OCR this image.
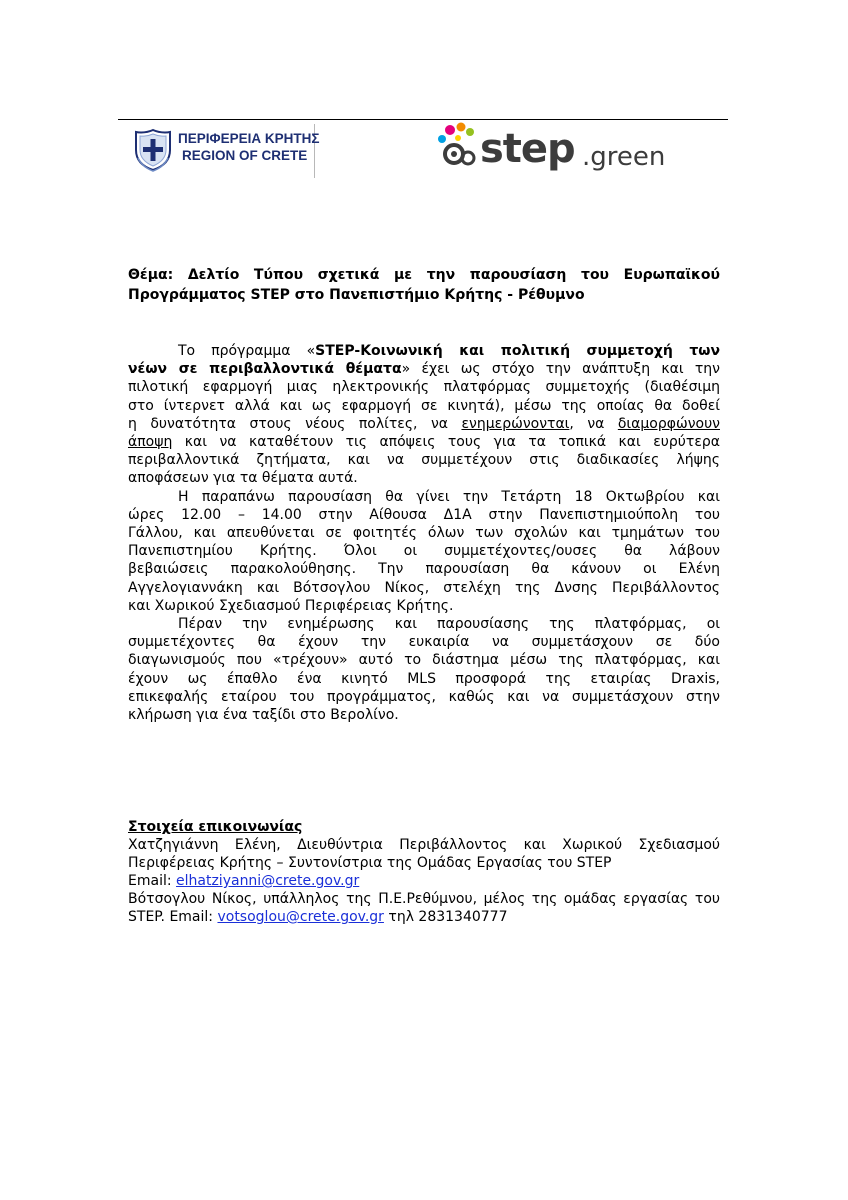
ΠΕΡΙΦΕΡΕΙΑ ΚΡΗΤΗΣ
REGION OF CRETE	step .green
Θέμα: Δελτίο Τύπου σχετικά με την παρουσίαση του Ευρωπαϊκού
Προγράμματος STEP στο Πανεπιστήμιο Κρήτης - Ρέθυμνο
Το πρόγραμμα «STEP-Κοινωνική και πολιτική συμμετοχή των
νέων σε περιβαλλοντικά θέματα» έχει ως στόχο την ανάπτυξη και την
πιλοτική εφαρμογή μιας ηλεκτρονικής πλατφόρμας συμμετοχής (διαθέσιμη
στο ίντερνετ αλλά και ως εφαρμογή σε κινητά), μέσω της οποίας θα δοθεί
η δυνατότητα στους νέους πολίτες, να ενημερώνονται, να διαμορφώνουν
άποψη και να καταθέτουν τις απόψεις τους για τα τοπικά και ευρύτερα
περιβαλλοντικά ζητήματα, και να συμμετέχουν στις διαδικασίες λήψης
αποφάσεων για τα θέματα αυτά.
Η παραπάνω παρουσίαση θα γίνει την Τετάρτη 18 Οκτωβρίου και
ώρες 12.00 – 14.00 στην Αίθουσα Δ1Α στην Πανεπιστημιούπολη του
Γάλλου, και απευθύνεται σε φοιτητές όλων των σχολών και τμημάτων του
Πανεπιστημίου Κρήτης. Όλοι οι συμμετέχοντες/ουσες θα λάβουν
βεβαιώσεις παρακολούθησης. Την παρουσίαση θα κάνουν οι Ελένη
Αγγελογιαννάκη και Βότσογλου Νίκος, στελέχη της Δνσης Περιβάλλοντος
και Χωρικού Σχεδιασμού Περιφέρειας Κρήτης.
Πέραν την ενημέρωσης και παρουσίασης της πλατφόρμας, οι
συμμετέχοντες θα έχουν την ευκαιρία να συμμετάσχουν σε δύο
διαγωνισμούς που «τρέχουν» αυτό το διάστημα μέσω της πλατφόρμας, και
έχουν ως έπαθλο ένα κινητό MLS προσφορά της εταιρίας Draxis,
επικεφαλής εταίρου του προγράμματος, καθώς και να συμμετάσχουν στην
κλήρωση για ένα ταξίδι στο Βερολίνο.
Στοιχεία επικοινωνίας
Χατζηγιάννη Ελένη, Διευθύντρια Περιβάλλοντος και Χωρικού Σχεδιασμού
Περιφέρειας Κρήτης – Συντονίστρια της Ομάδας Εργασίας του STEP
Email: elhatziyanni@crete.gov.gr
Βότσογλου Νίκος, υπάλληλος της Π.Ε.Ρεθύμνου, μέλος της ομάδας εργασίας του
STEP. Email: votsoglou@crete.gov.gr τηλ 2831340777
